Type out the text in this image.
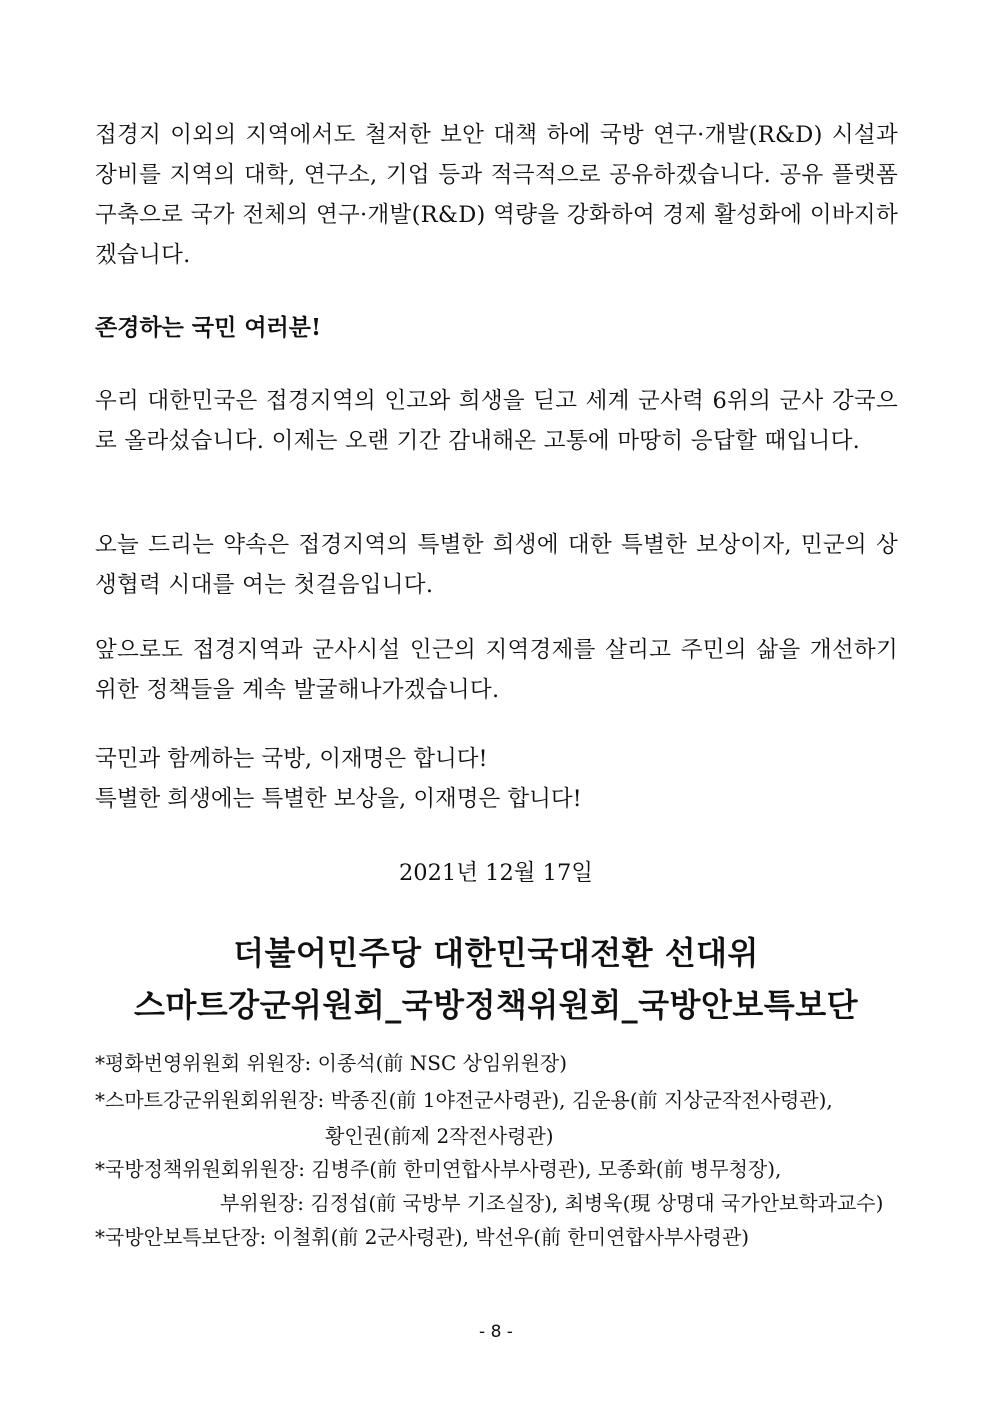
접경지 이외의 지역에서도 철저한 보안 대책 하에 국방 연구·개발(R&D) 시설과 장비를 지역의 대학, 연구소, 기업 등과 적극적으로 공유하겠습니다. 공유 플랫폼 구축으로 국가 전체의 연구·개발(R&D) 역량을 강화하여 경제 활성화에 이바지하겠습니다.

존경하는 국민 여러분!

우리 대한민국은 접경지역의 인고와 희생을 딛고 세계 군사력 6위의 군사 강국으로 올라섰습니다. 이제는 오랜 기간 감내해온 고통에 마땅히 응답할 때입니다.

오늘 드리는 약속은 접경지역의 특별한 희생에 대한 특별한 보상이자, 민군의 상생협력 시대를 여는 첫걸음입니다.

앞으로도 접경지역과 군사시설 인근의 지역경제를 살리고 주민의 삶을 개선하기 위한 정책들을 계속 발굴해나가겠습니다.

국민과 함께하는 국방, 이재명은 합니다!

특별한 희생에는 특별한 보상을, 이재명은 합니다!

2021년 12월 17일

더불어민주당 대한민국대전환 선대위

스마트강군위원회_국방정책위원회_국방안보특보단

*평화번영위원회 위원장: 이종석(前 NSC 상임위원장)

*스마트강군위원회위원장: 박종진(前 1야전군사령관), 김운용(前 지상군작전사령관),

황인권(前제 2작전사령관)

*국방정책위원회위원장: 김병주(前 한미연합사부사령관), 모종화(前 병무청장),

부위원장: 김정섭(前 국방부 기조실장), 최병욱(現 상명대 국가안보학과교수)

*국방안보특보단장: 이철휘(前 2군사령관), 박선우(前 한미연합사부사령관)

- 8 -
